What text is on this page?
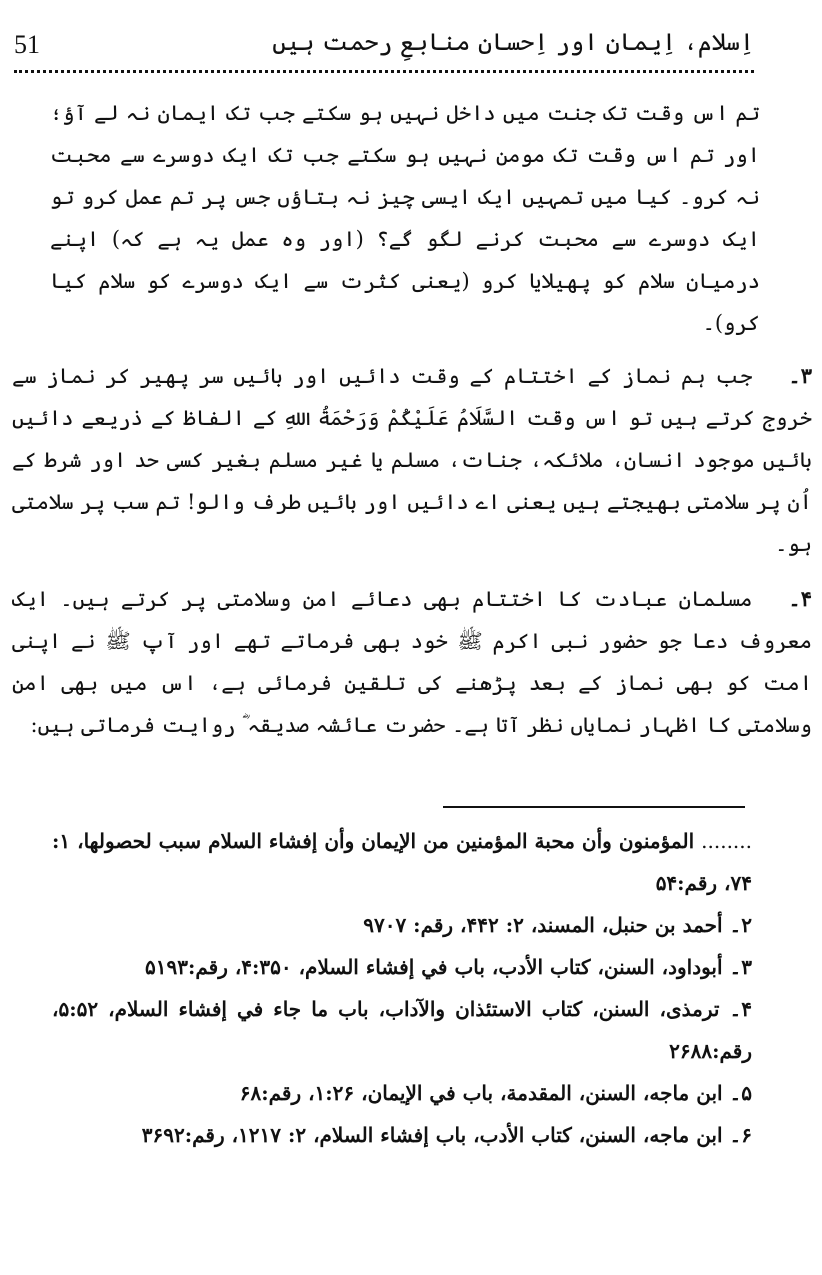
51	اِسلام، اِیمان اور اِحسان منابعِ رحمت ہیں
تم اس وقت تک جنت میں داخل نہیں ہو سکتے جب تک ایمان نہ لے آؤ؛ اور تم اس وقت تک مومن نہیں ہو سکتے جب تک ایک دوسرے سے محبت نہ کرو۔ کیا میں تمہیں ایک ایسی چیز نہ بتاؤں جس پر تم عمل کرو تو ایک دوسرے سے محبت کرنے لگو گے؟ (اور وہ عمل یہ ہے کہ) اپنے درمیان سلام کو پھیلایا کرو (یعنی کثرت سے ایک دوسرے کو سلام کیا کرو)۔
۳۔جب ہم نماز کے اختتام کے وقت دائیں اور بائیں سر پھیر کر نماز سے خروج کرتے ہیں تو اس وقت السَّلَامُ عَلَيْکُمْ وَرَحْمَةُ اللهِ کے الفاظ کے ذریعے دائیں بائیں موجود انسان، ملائکہ، جنات، مسلم یا غیر مسلم بغیر کسی حد اور شرط کے اُن پر سلامتی بھیجتے ہیں یعنی اے دائیں اور بائیں طرف والو! تم سب پر سلامتی ہو۔
۴۔مسلمان عبادت کا اختتام بھی دعائے امن وسلامتی پر کرتے ہیں۔ ایک معروف دعا جو حضور نبی اکرم ﷺ خود بھی فرماتے تھے اور آپ ﷺ نے اپنی امت کو بھی نماز کے بعد پڑھنے کی تلقین فرمائی ہے، اس میں بھی امن وسلامتی کا اظہار نمایاں نظر آتا ہے۔ حضرت عائشہ صدیقہ ؓ روایت فرماتی ہیں:

........ المؤمنون وأن محبة المؤمنين من الإيمان وأن إفشاء السلام سبب لحصولها، ۱: ۷۴، رقم:۵۴

۲۔ أحمد بن حنبل، المسند، ۲: ۴۴۲، رقم: ۹۷۰۷

۳۔ أبوداود، السنن، کتاب الأدب، باب في إفشاء السلام، ۴:۳۵۰، رقم:۵۱۹۳

۴۔ ترمذی، السنن، کتاب الاستئذان والآداب، باب ما جاء في إفشاء السلام، ۵:۵۲، رقم:۲۶۸۸

۵۔ ابن ماجه، السنن، المقدمة، باب في الإيمان، ۱:۲۶، رقم:۶۸

۶۔ ابن ماجه، السنن، کتاب الأدب، باب إفشاء السلام، ۲: ۱۲۱۷، رقم:۳۶۹۲
